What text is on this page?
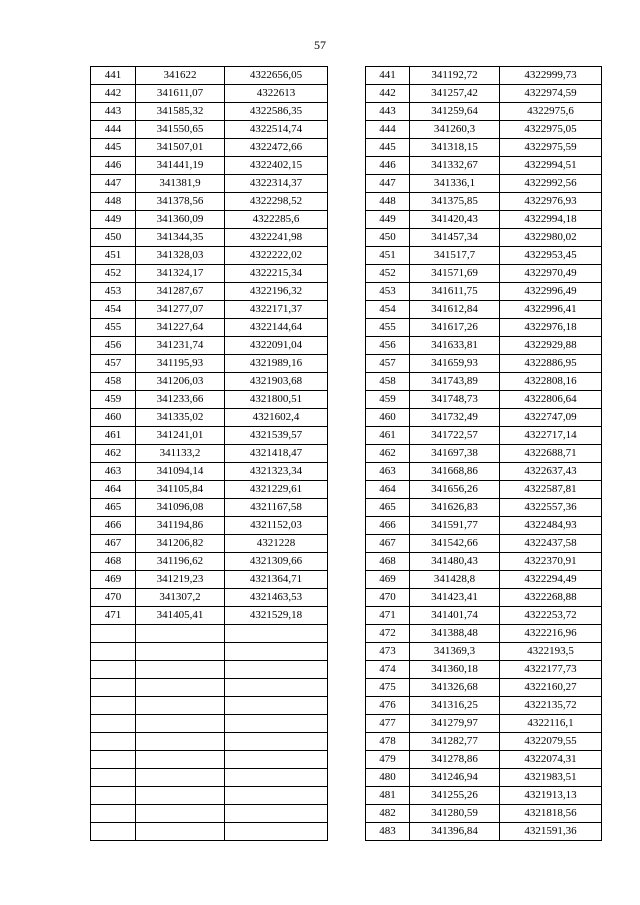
57
441	341622	4322656,05
442	341611,07	4322613
443	341585,32	4322586,35
444	341550,65	4322514,74
445	341507,01	4322472,66
446	341441,19	4322402,15
447	341381,9	4322314,37
448	341378,56	4322298,52
449	341360,09	4322285,6
450	341344,35	4322241,98
451	341328,03	4322222,02
452	341324,17	4322215,34
453	341287,67	4322196,32
454	341277,07	4322171,37
455	341227,64	4322144,64
456	341231,74	4322091,04
457	341195,93	4321989,16
458	341206,03	4321903,68
459	341233,66	4321800,51
460	341335,02	4321602,4
461	341241,01	4321539,57
462	341133,2	4321418,47
463	341094,14	4321323,34
464	341105,84	4321229,61
465	341096,08	4321167,58
466	341194,86	4321152,03
467	341206,82	4321228
468	341196,62	4321309,66
469	341219,23	4321364,71
470	341307,2	4321463,53
471	341405,41	4321529,18

441	341192,72	4322999,73
442	341257,42	4322974,59
443	341259,64	4322975,6
444	341260,3	4322975,05
445	341318,15	4322975,59
446	341332,67	4322994,51
447	341336,1	4322992,56
448	341375,85	4322976,93
449	341420,43	4322994,18
450	341457,34	4322980,02
451	341517,7	4322953,45
452	341571,69	4322970,49
453	341611,75	4322996,49
454	341612,84	4322996,41
455	341617,26	4322976,18
456	341633,81	4322929,88
457	341659,93	4322886,95
458	341743,89	4322808,16
459	341748,73	4322806,64
460	341732,49	4322747,09
461	341722,57	4322717,14
462	341697,38	4322688,71
463	341668,86	4322637,43
464	341656,26	4322587,81
465	341626,83	4322557,36
466	341591,77	4322484,93
467	341542,66	4322437,58
468	341480,43	4322370,91
469	341428,8	4322294,49
470	341423,41	4322268,88
471	341401,74	4322253,72
472	341388,48	4322216,96
473	341369,3	4322193,5
474	341360,18	4322177,73
475	341326,68	4322160,27
476	341316,25	4322135,72
477	341279,97	4322116,1
478	341282,77	4322079,55
479	341278,86	4322074,31
480	341246,94	4321983,51
481	341255,26	4321913,13
482	341280,59	4321818,56
483	341396,84	4321591,36
